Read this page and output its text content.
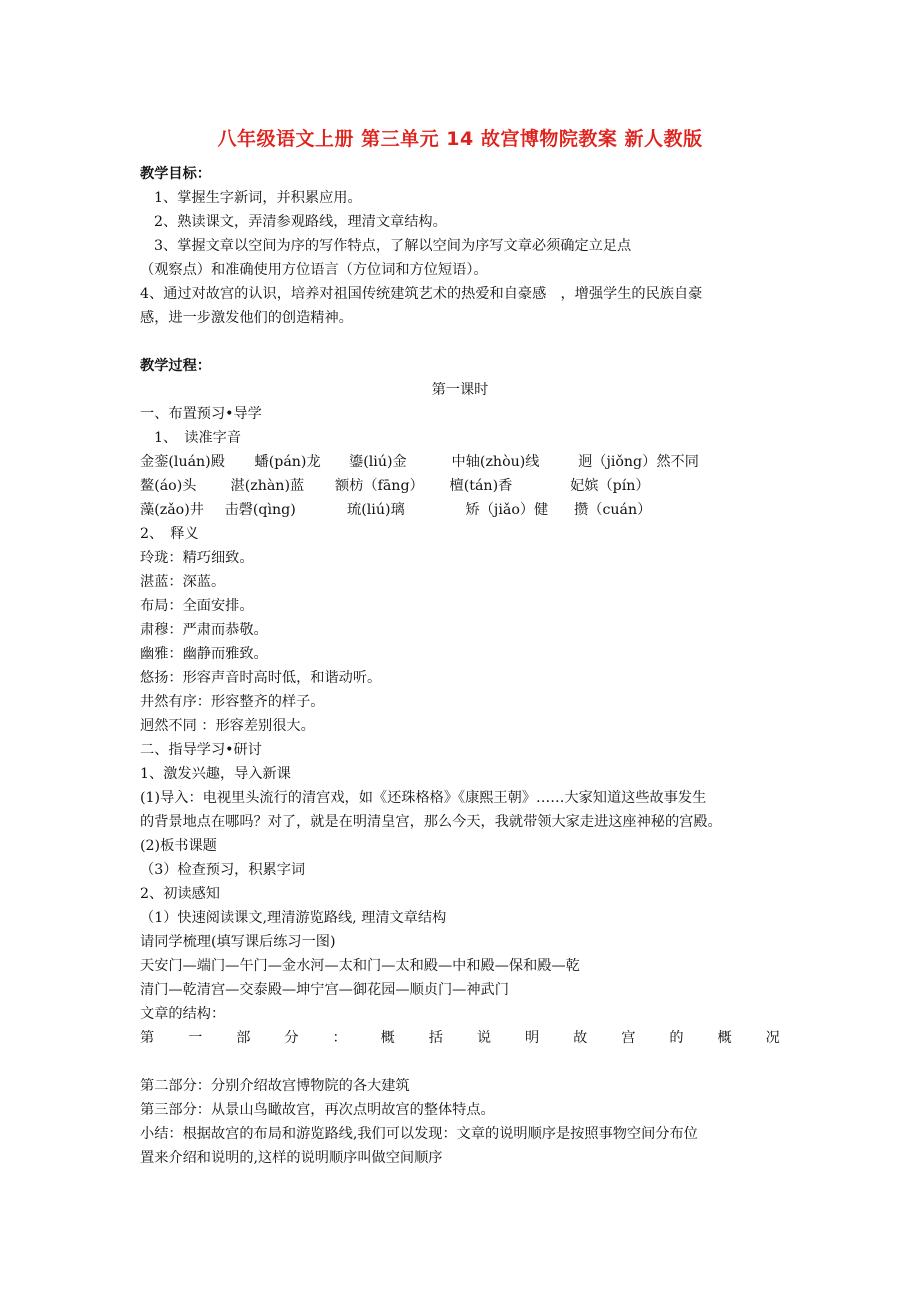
八年级语文上册 第三单元 14 故宫博物院教案 新人教版
教学目标：
1、掌握生字新词，并积累应用。
2、熟读课文，弄清参观路线，理清文章结构。
3、掌握文章以空间为序的写作特点，了解以空间为序写文章必须确定立足点
（观察点）和准确使用方位语言（方位词和方位短语）。
4、通过对故宫的认识，培养对祖国传统建筑艺术的热爱和自豪感　，增强学生的民族自豪
感，进一步激发他们的创造精神。
教学过程：
第一课时
一、布置预习•导学
1、　读准字音
金銮(luán)殿 蟠(pán)龙 鎏(liú)金	中轴(zhòu)线	迥（jiǒng）然不同
鳌(áo)头 湛(zhàn)蓝 额枋（fāng） 檀(tán)香	妃嫔（pín）
藻(zǎo)井 击磬(qìng)	琉(liú)璃	矫（jiǎo）健 攒（cuán）
2、　释义
玲珑：精巧细致。
湛蓝：深蓝。
布局：全面安排。
肃穆：严肃而恭敬。
幽雅：幽静而雅致。
悠扬：形容声音时高时低，和谐动听。
井然有序：形容整齐的样子。
迥然不同 ：形容差别很大。
二、指导学习•研讨
1、激发兴趣，导入新课
(1)导入：电视里头流行的清宫戏，如《还珠格格》《康熙王朝》……大家知道这些故事发生
的背景地点在哪吗？对了，就是在明清皇宫，那么今天，我就带领大家走进这座神秘的宫殿。
(2)板书课题
（3）检查预习，积累字词
2、初读感知
（1）快速阅读课文,理清游览路线, 理清文章结构
请同学梳理(填写课后练习一图)
天安门—端门—午门—金水河—太和门—太和殿—中和殿—保和殿—乾
清门—乾清宫—交泰殿—坤宁宫—御花园—顺贞门—神武门
文章的结构：
第 一 部 分 ： 概 括 说 明 故 宫 的 概 况
第二部分：分别介绍故宫博物院的各大建筑
第三部分：从景山鸟瞰故宫，再次点明故宫的整体特点。
小结：根据故宫的布局和游览路线,我们可以发现：文章的说明顺序是按照事物空间分布位
置来介绍和说明的,这样的说明顺序叫做空间顺序
